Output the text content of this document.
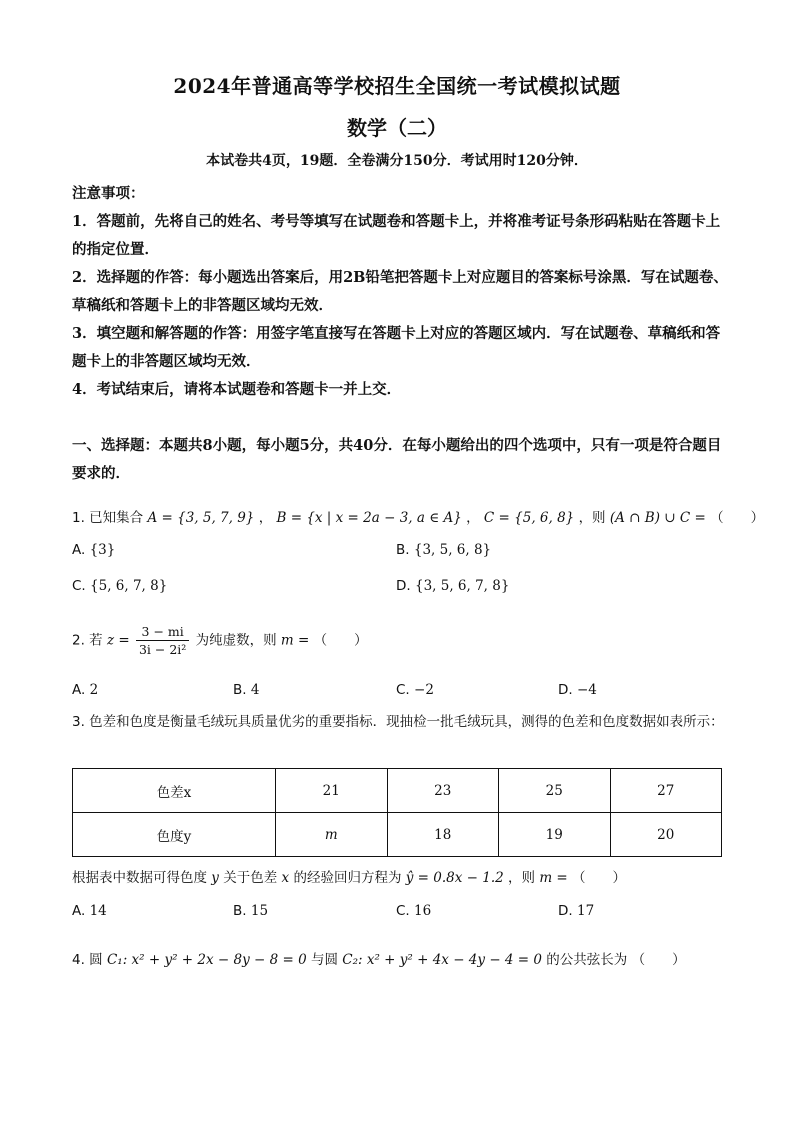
2024年普通高等学校招生全国统一考试模拟试题
数学（二）
本试卷共4页，19题．全卷满分150分．考试用时120分钟．

注意事项：

1．答题前，先将自己的姓名、考号等填写在试题卷和答题卡上，并将准考证号条形码粘贴在答题卡上的指定位置．

2．选择题的作答：每小题选出答案后，用2B铅笔把答题卡上对应题目的答案标号涂黑．写在试题卷、草稿纸和答题卡上的非答题区域均无效．

3．填空题和解答题的作答：用签字笔直接写在答题卡上对应的答题区域内．写在试题卷、草稿纸和答题卡上的非答题区域均无效．

4．考试结束后，请将本试题卷和答题卡一并上交．

一、选择题：本题共8小题，每小题5分，共40分．在每小题给出的四个选项中，只有一项是符合题目要求的．
1. 已知集合 A = {3, 5, 7, 9} ， B = {x | x = 2a − 3, a ∈ A} ， C = {5, 6, 8} ，则 (A ∩ B) ∪ C = （　　）
A. {3}	B. {3, 5, 6, 8}
C. {5, 6, 7, 8}	D. {3, 5, 6, 7, 8}
2. 若 $z = \frac{3 - mi}{\text{3i − 2i²}}$ 为纯虚数，则 m = （　　）
A. 2	B. 4	C. −2	D. −4
3. 色差和色度是衡量毛绒玩具质量优劣的重要指标．现抽检一批毛绒玩具，测得的色差和色度数据如表所示：
色差x	21	23	25	27
色度y	m	18	19	20
根据表中数据可得色度 y 关于色差 x 的经验回归方程为 ŷ = 0.8x − 1.2 ，则 m = （　　）
A. 14	B. 15	C. 16	D. 17
4. 圆 C₁: x² + y² + 2x − 8y − 8 = 0 与圆 C₂: x² + y² + 4x − 4y − 4 = 0 的公共弦长为 （　　）
